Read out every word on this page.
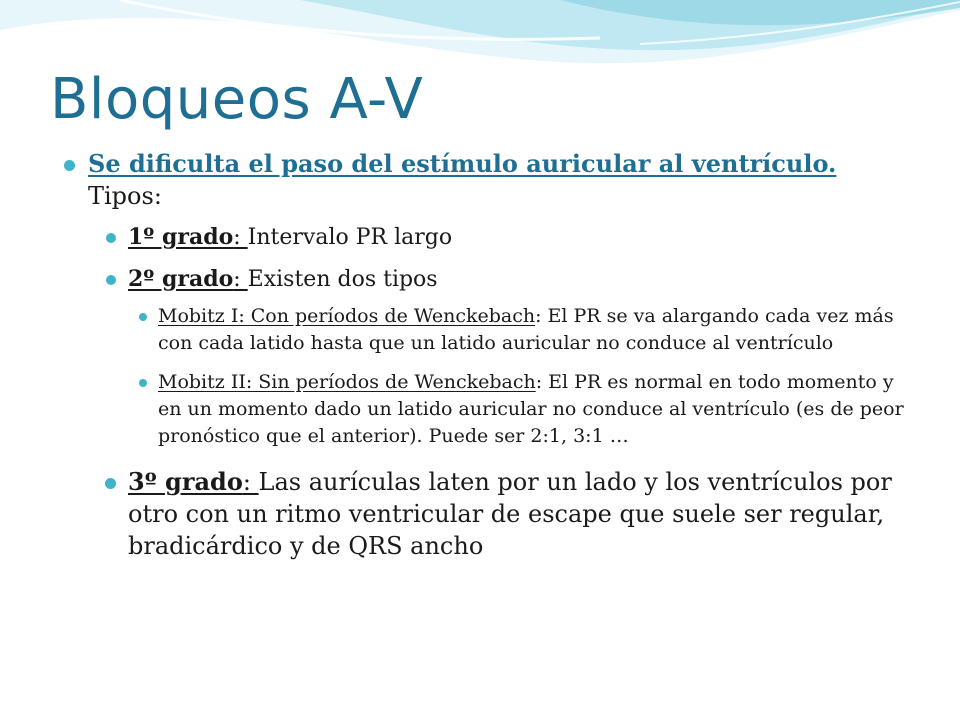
Bloqueos A-V
Se dificulta el paso del estímulo auricular al ventrículo. Tipos:
1º grado: Intervalo PR largo
2º grado: Existen dos tipos
Mobitz I: Con períodos de Wenckebach: El PR se va alargando cada vez más con cada latido hasta que un latido auricular no conduce al ventrículo
Mobitz II: Sin períodos de Wenckebach: El PR es normal en todo momento y en un momento dado un latido auricular no conduce al ventrículo (es de peor pronóstico que el anterior). Puede ser 2:1, 3:1 …
3º grado: Las aurículas laten por un lado y los ventrículos por otro con un ritmo ventricular de escape que suele ser regular, bradicárdico y de QRS ancho
